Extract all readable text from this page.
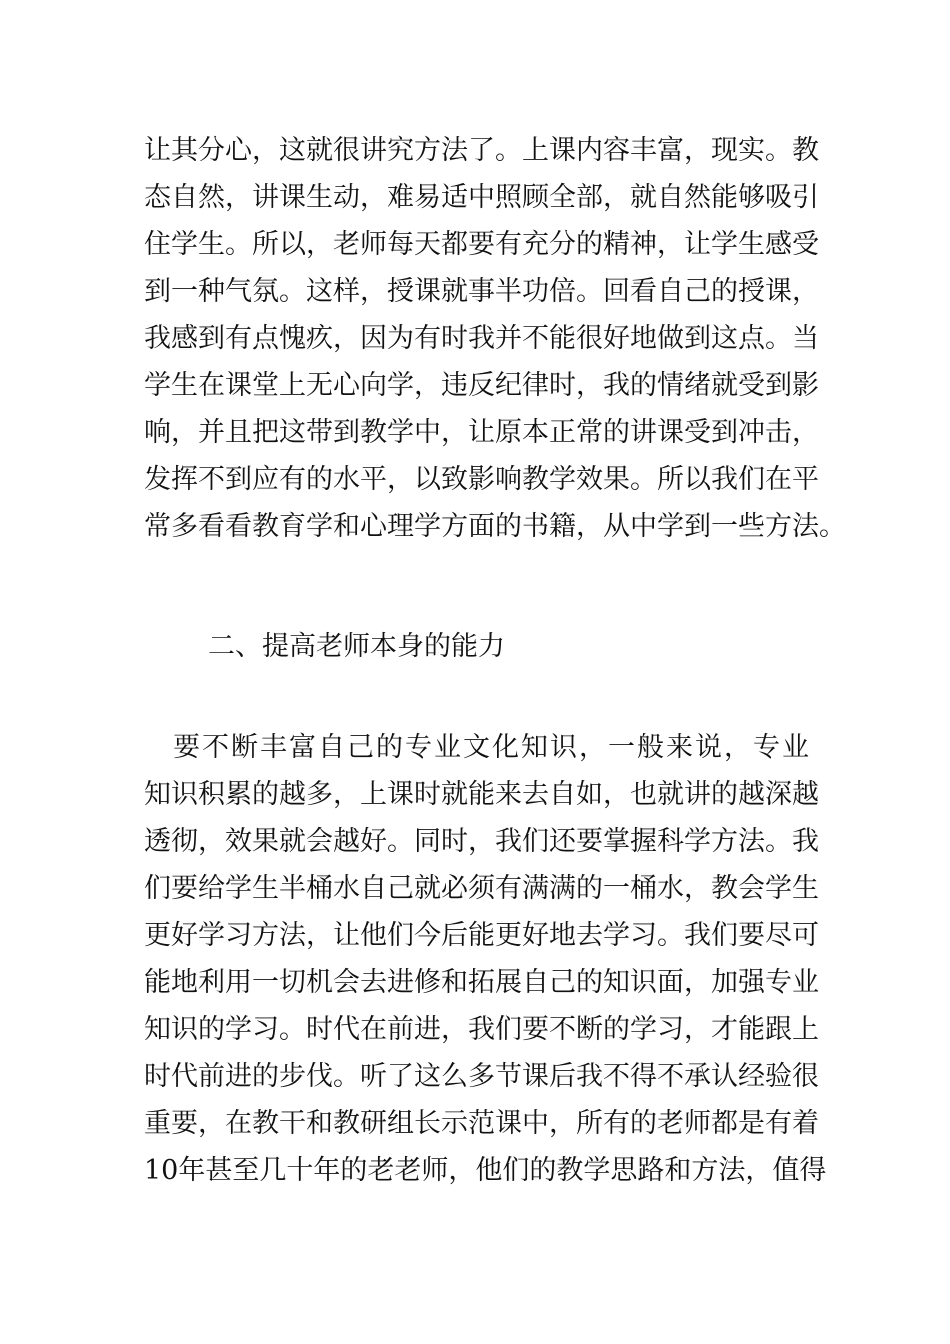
让其分心，这就很讲究方法了。上课内容丰富，现实。教
态自然，讲课生动，难易适中照顾全部，就自然能够吸引
住学生。所以，老师每天都要有充分的精神，让学生感受
到一种气氛。这样，授课就事半功倍。回看自己的授课，
我感到有点愧疚，因为有时我并不能很好地做到这点。当
学生在课堂上无心向学，违反纪律时，我的情绪就受到影
响，并且把这带到教学中，让原本正常的讲课受到冲击，
发挥不到应有的水平，以致影响教学效果。所以我们在平
常多看看教育学和心理学方面的书籍，从中学到一些方法。
二、提高老师本身的能力
　要不断丰富自己的专业文化知识，一般来说，专业
知识积累的越多，上课时就能来去自如，也就讲的越深越
透彻，效果就会越好。同时，我们还要掌握科学方法。我
们要给学生半桶水自己就必须有满满的一桶水，教会学生
更好学习方法，让他们今后能更好地去学习。我们要尽可
能地利用一切机会去进修和拓展自己的知识面，加强专业
知识的学习。时代在前进，我们要不断的学习，才能跟上
时代前进的步伐。听了这么多节课后我不得不承认经验很
重要，在教干和教研组长示范课中，所有的老师都是有着
10年甚至几十年的老老师，他们的教学思路和方法，值得
